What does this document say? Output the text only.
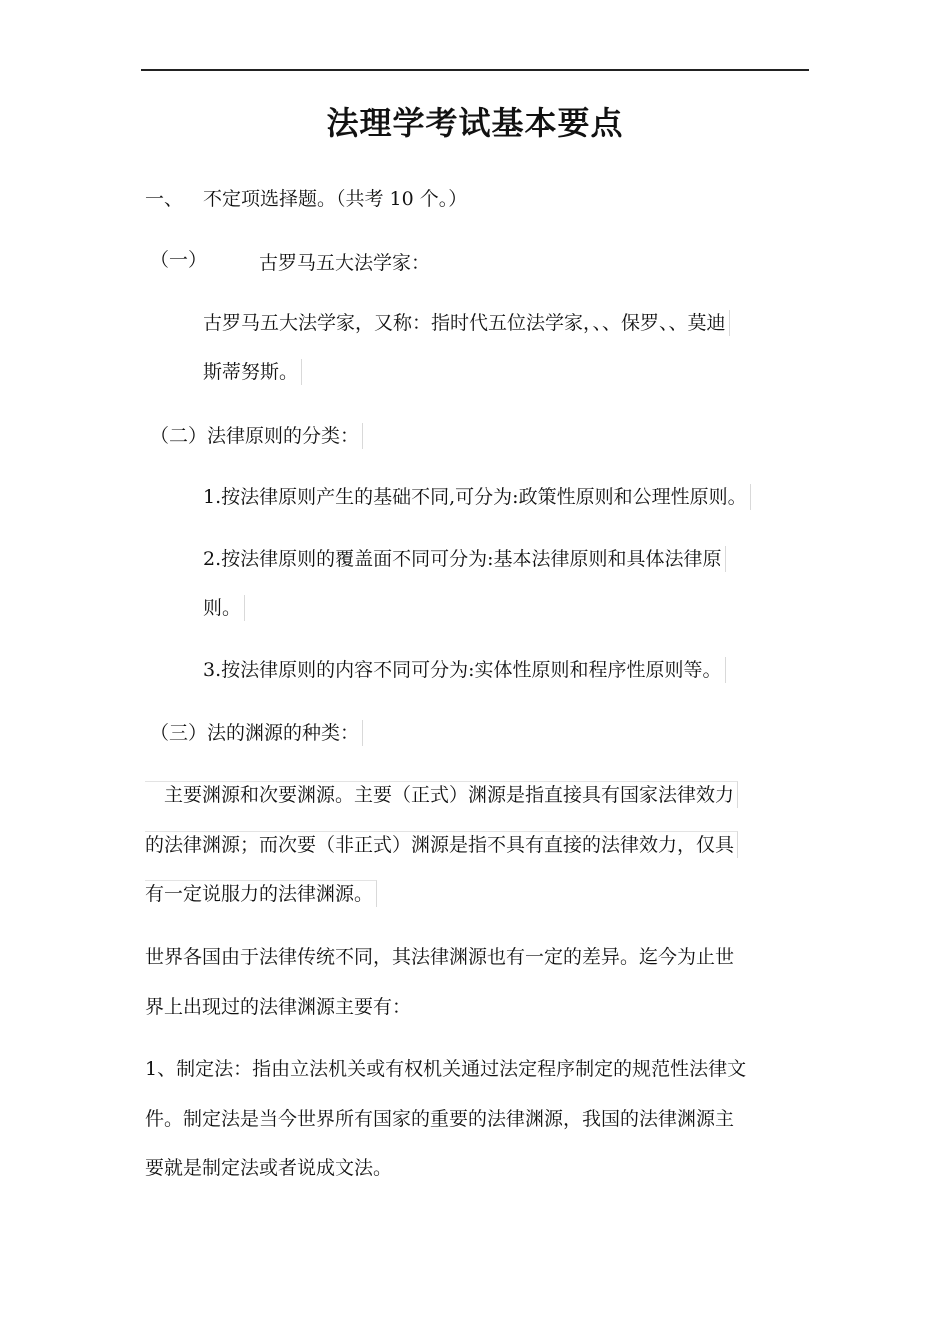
法理学考试基本要点
一、 不定项选择题。（共考 10 个。）
（一）	古罗马五大法学家：
古罗马五大法学家，又称：指时代五位法学家，、、保罗、、莫迪
斯蒂努斯。
（二）法律原则的分类：
1.按法律原则产生的基础不同,可分为:政策性原则和公理性原则。
2.按法律原则的覆盖面不同可分为:基本法律原则和具体法律原
则。
3.按法律原则的内容不同可分为:实体性原则和程序性原则等。
（三）法的渊源的种类：
主要渊源和次要渊源。主要（正式）渊源是指直接具有国家法律效力
的法律渊源；而次要（非正式）渊源是指不具有直接的法律效力，仅具
有一定说服力的法律渊源。
世界各国由于法律传统不同，其法律渊源也有一定的差异。迄今为止世
界上出现过的法律渊源主要有：
1、制定法：指由立法机关或有权机关通过法定程序制定的规范性法律文
件。制定法是当今世界所有国家的重要的法律渊源，我国的法律渊源主
要就是制定法或者说成文法。
